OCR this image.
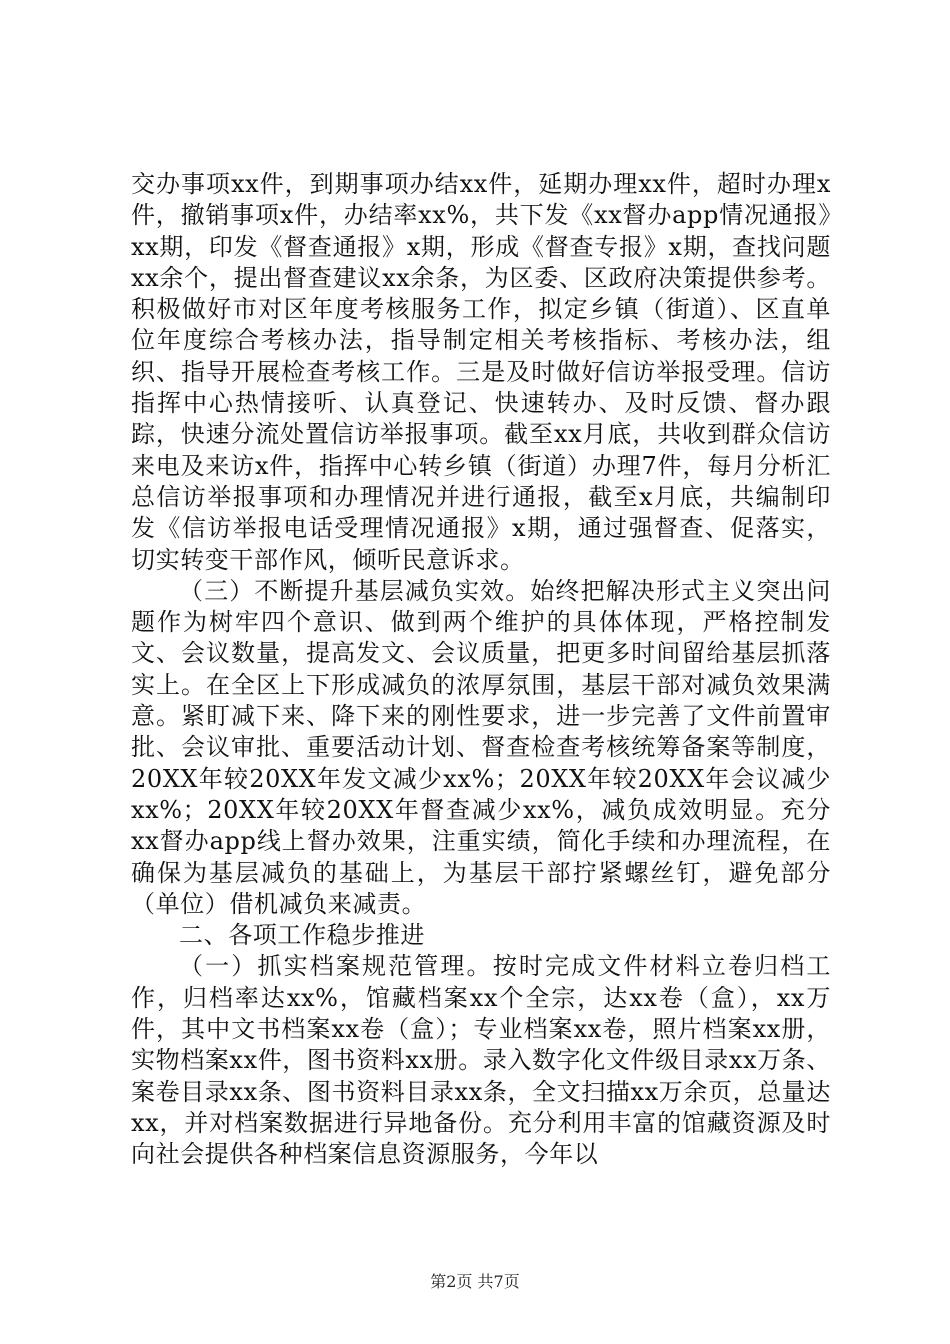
交办事项xx件，到期事项办结xx件，延期办理xx件，超时办理x件，撤销事项x件，办结率xx%，共下发《xx督办app情况通报》xx期，印发《督查通报》x期，形成《督查专报》x期，查找问题xx余个，提出督查建议xx余条，为区委、区政府决策提供参考。积极做好市对区年度考核服务工作，拟定乡镇（街道）、区直单位年度综合考核办法，指导制定相关考核指标、考核办法，组织、指导开展检查考核工作。三是及时做好信访举报受理。信访指挥中心热情接听、认真登记、快速转办、及时反馈、督办跟踪，快速分流处置信访举报事项。截至xx月底，共收到群众信访来电及来访x件，指挥中心转乡镇（街道）办理7件，每月分析汇总信访举报事项和办理情况并进行通报，截至x月底，共编制印发《信访举报电话受理情况通报》x期，通过强督查、促落实，切实转变干部作风，倾听民意诉求。

（三）不断提升基层减负实效。始终把解决形式主义突出问题作为树牢四个意识、做到两个维护的具体体现，严格控制发文、会议数量，提高发文、会议质量，把更多时间留给基层抓落实上。在全区上下形成减负的浓厚氛围，基层干部对减负效果满意。紧盯减下来、降下来的刚性要求，进一步完善了文件前置审批、会议审批、重要活动计划、督查检查考核统筹备案等制度，20XX年较20XX年发文减少xx%；20XX年较20XX年会议减少xx%；20XX年较20XX年督查减少xx%，减负成效明显。充分xx督办app线上督办效果，注重实绩，简化手续和办理流程，在确保为基层减负的基础上，为基层干部拧紧螺丝钉，避免部分（单位）借机减负来减责。

二、各项工作稳步推进

（一）抓实档案规范管理。按时完成文件材料立卷归档工作，归档率达xx%，馆藏档案xx个全宗，达xx卷（盒），xx万件，其中文书档案xx卷（盒）；专业档案xx卷，照片档案xx册，实物档案xx件，图书资料xx册。录入数字化文件级目录xx万条、案卷目录xx条、图书资料目录xx条，全文扫描xx万余页，总量达xx，并对档案数据进行异地备份。充分利用丰富的馆藏资源及时向社会提供各种档案信息资源服务，今年以

第2页 共7页
